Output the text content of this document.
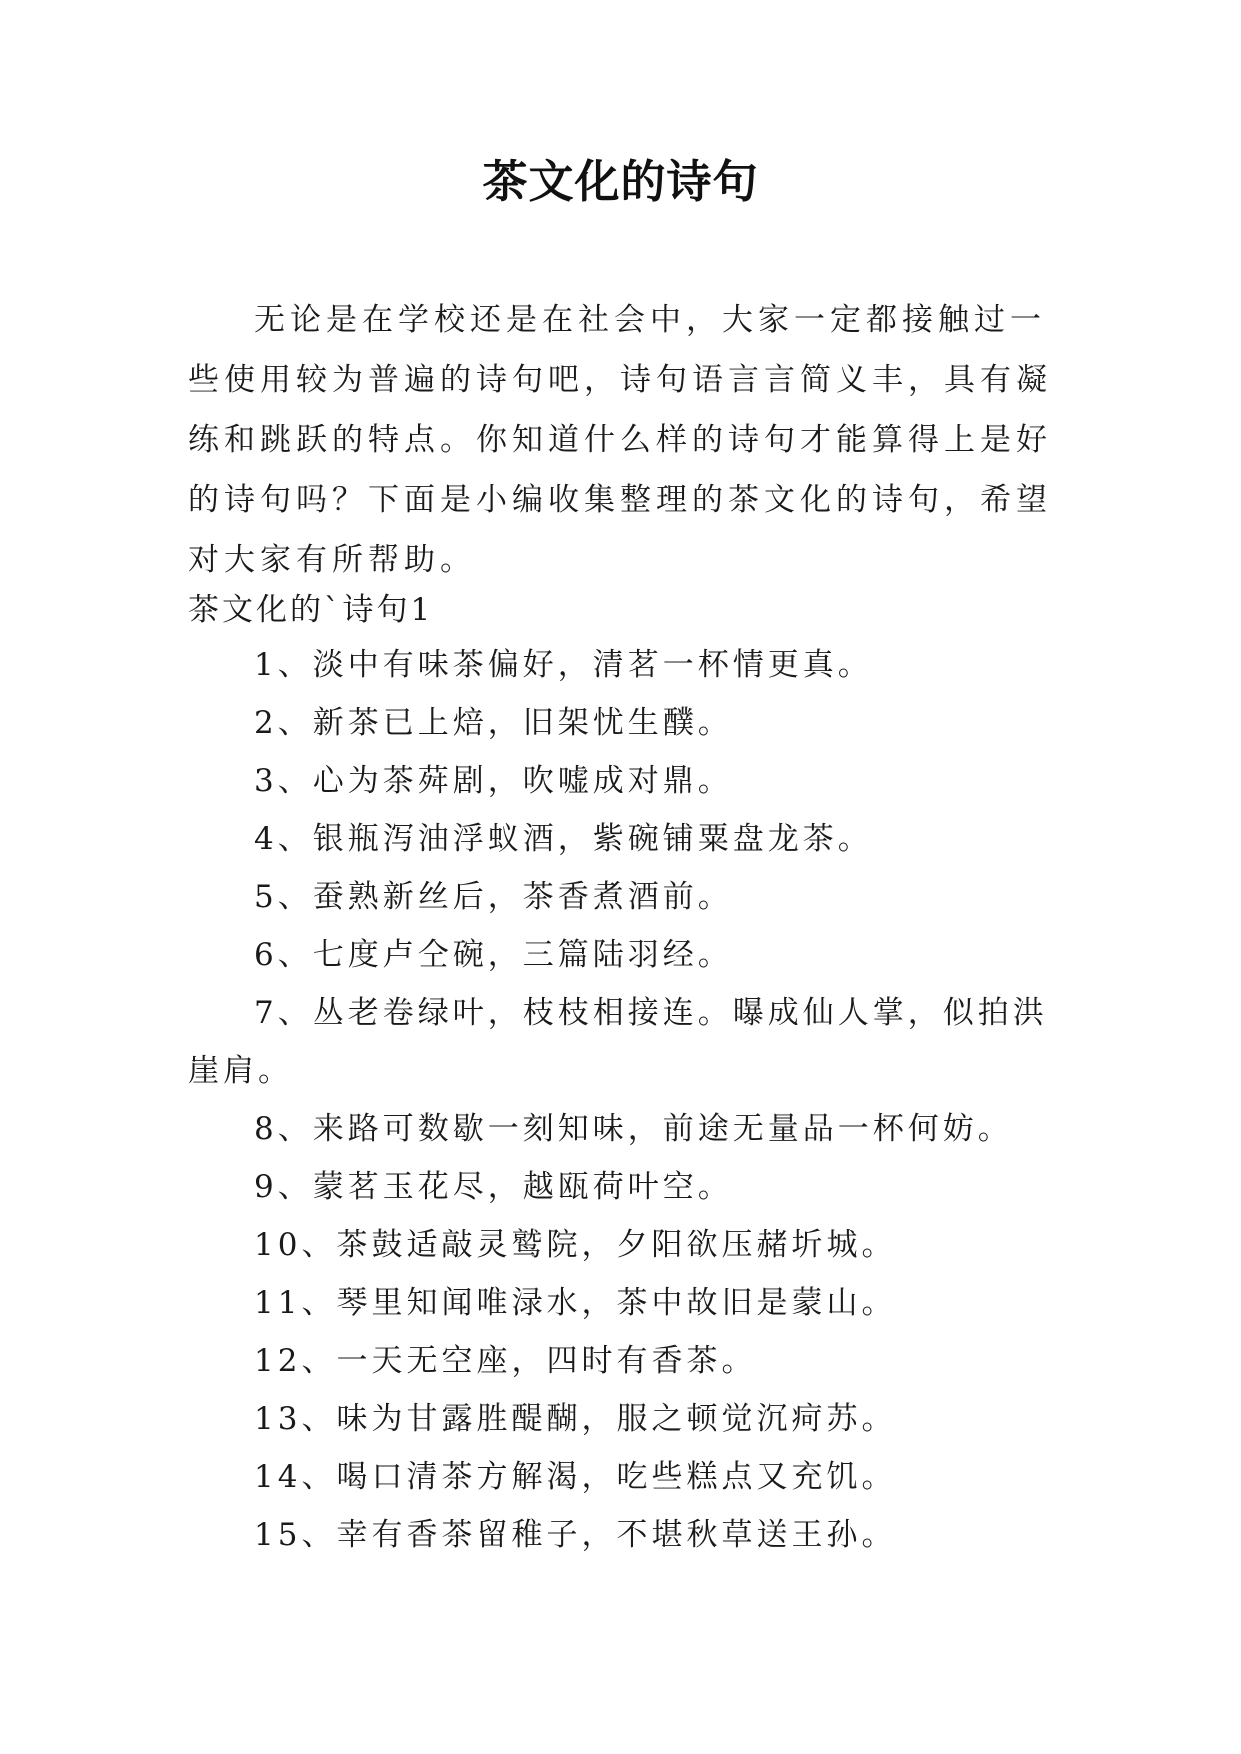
茶文化的诗句

无论是在学校还是在社会中，大家一定都接触过一些使用较为普遍的诗句吧，诗句语言言简义丰，具有凝练和跳跃的特点。你知道什么样的诗句才能算得上是好的诗句吗？下面是小编收集整理的茶文化的诗句，希望对大家有所帮助。

茶文化的`诗句1
1、淡中有味茶偏好，清茗一杯情更真。
2、新茶已上焙，旧架忧生醭。
3、心为茶荈剧，吹嘘成对鼎。
4、银瓶泻油浮蚁酒，紫碗铺粟盘龙茶。
5、蚕熟新丝后，茶香煮酒前。
6、七度卢仝碗，三篇陆羽经。
7、丛老卷绿叶，枝枝相接连。曝成仙人掌，似拍洪崖肩。
8、来路可数歇一刻知味，前途无量品一杯何妨。
9、蒙茗玉花尽，越瓯荷叶空。
10、茶鼓适敲灵鹫院，夕阳欲压赭圻城。
11、琴里知闻唯渌水，茶中故旧是蒙山。
12、一天无空座，四时有香茶。
13、味为甘露胜醍醐，服之顿觉沉疴苏。
14、喝口清茶方解渴，吃些糕点又充饥。
15、幸有香茶留稚子，不堪秋草送王孙。
